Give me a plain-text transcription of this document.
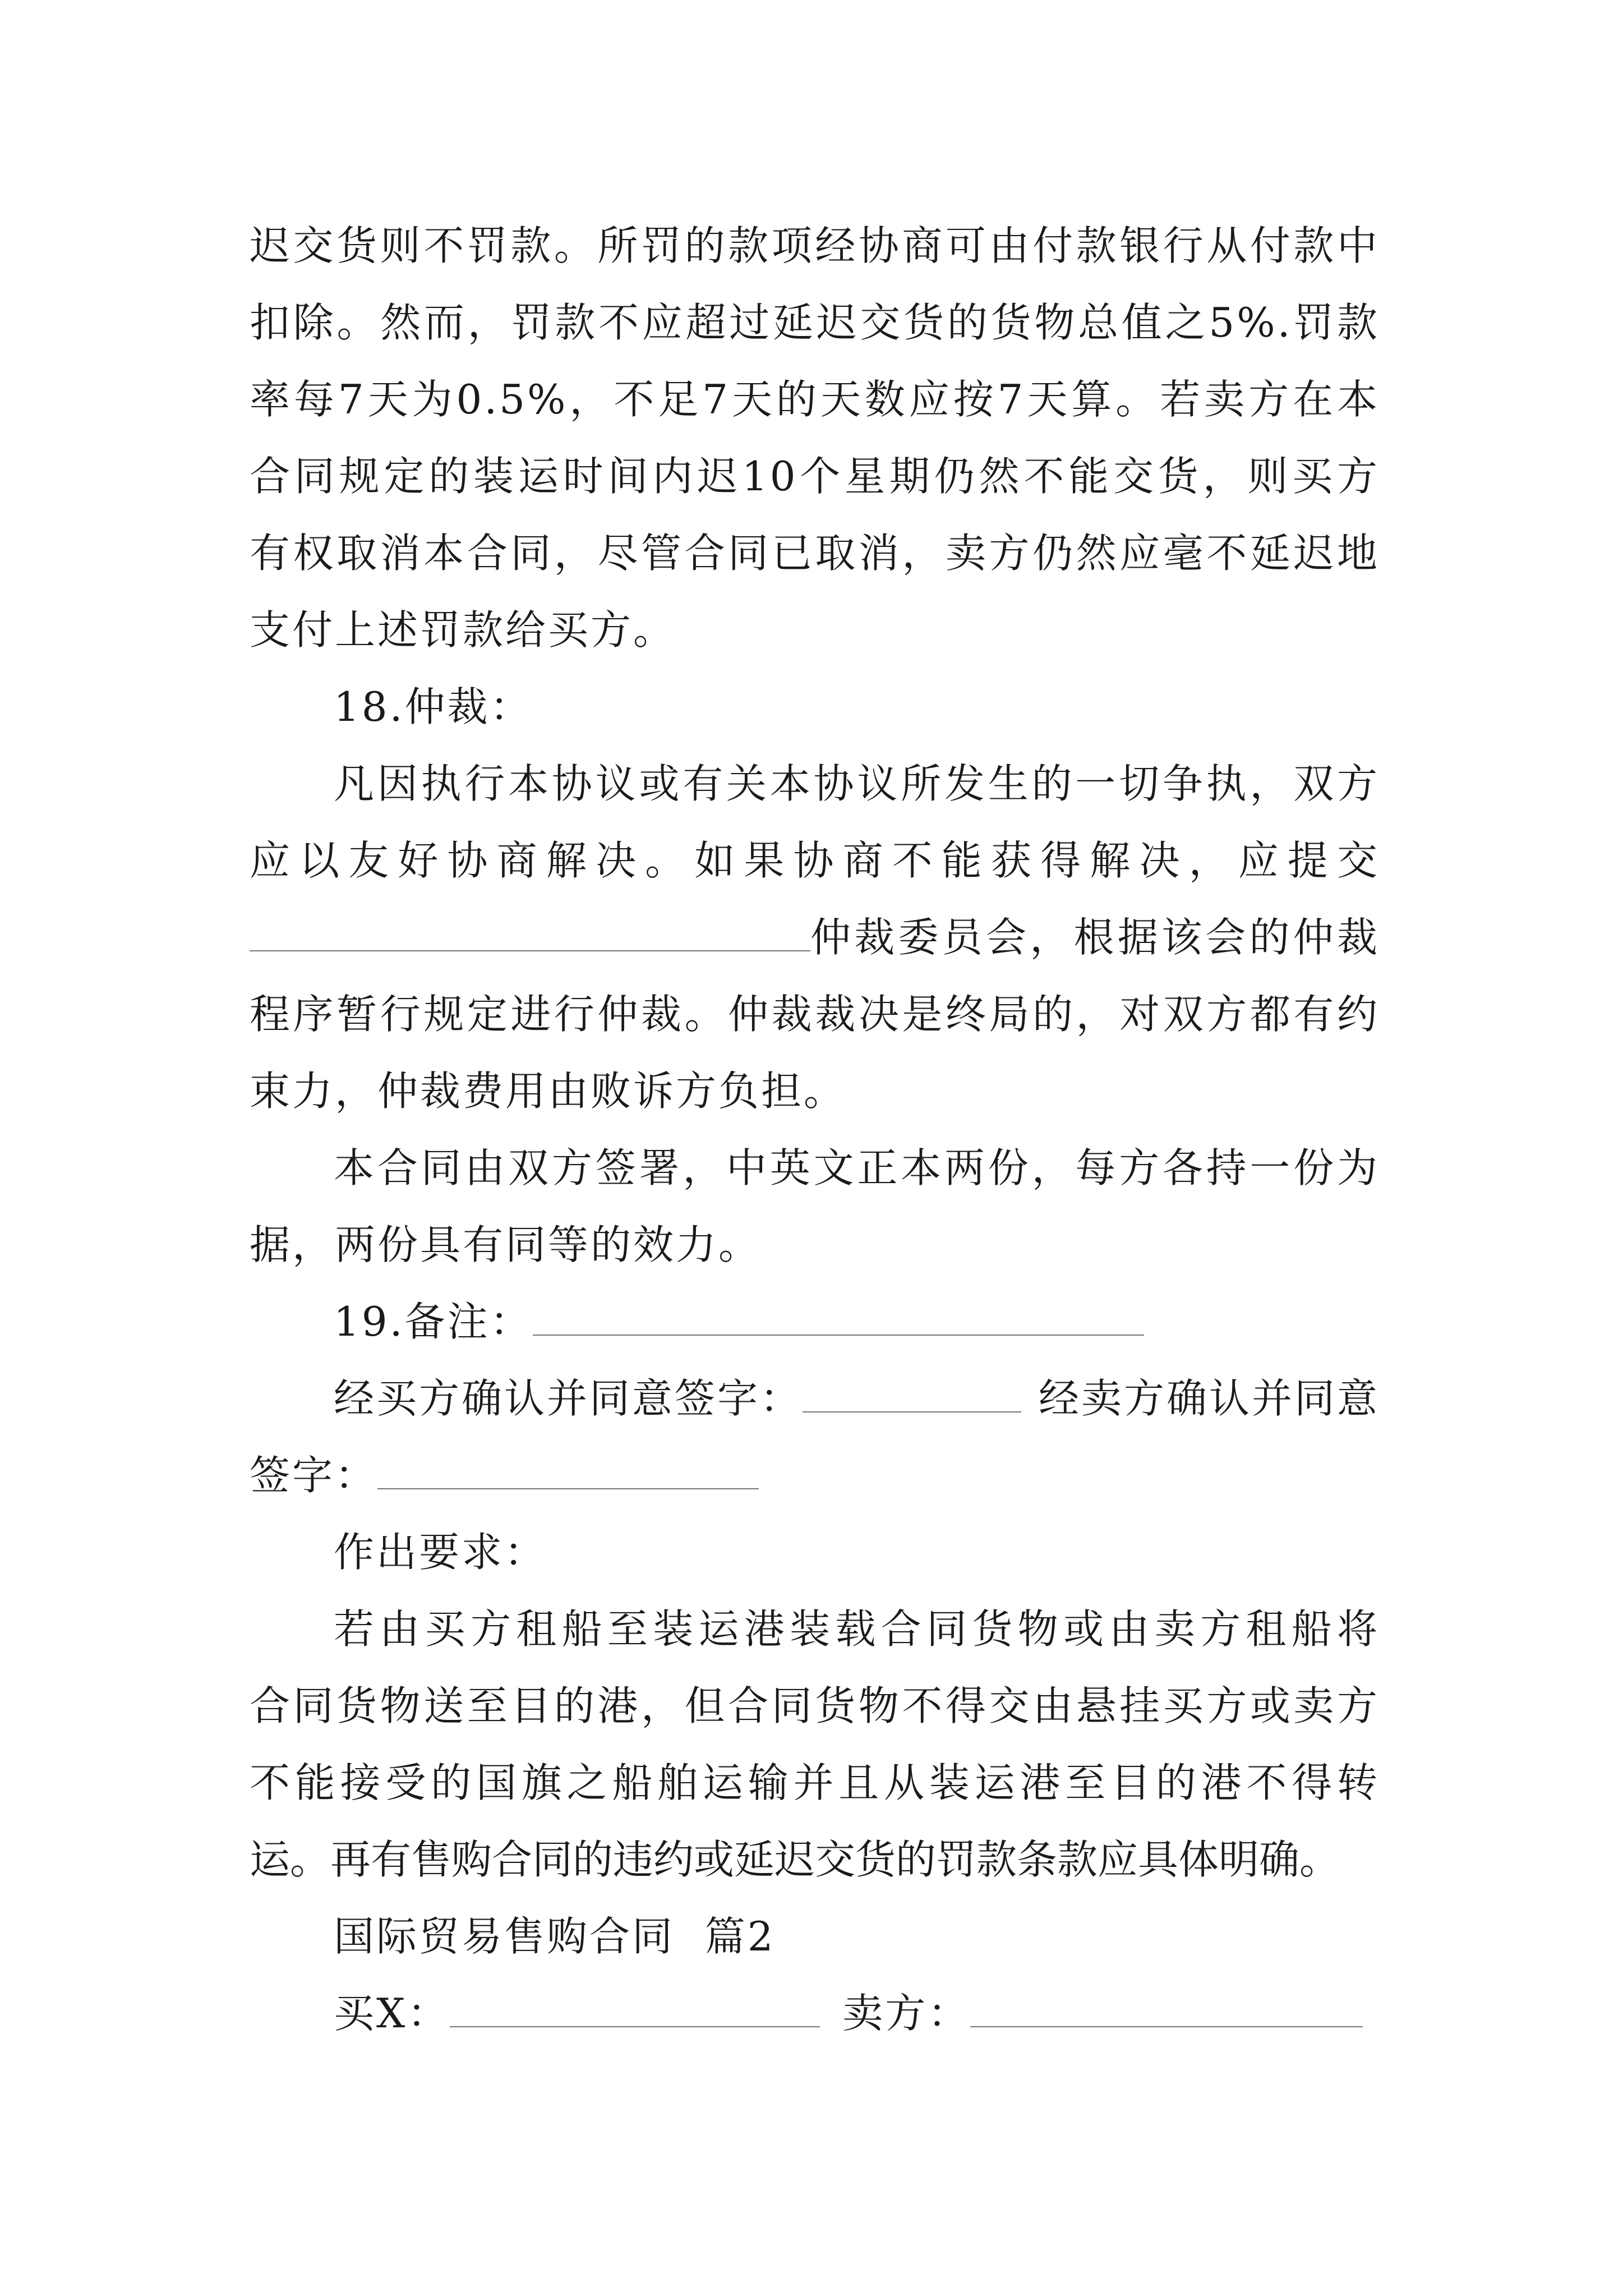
迟交货则不罚款。所罚的款项经协商可由付款银行从付款中
扣除。然而，罚款不应超过延迟交货的货物总值之5%.罚款
率每7天为0.5%，不足7天的天数应按7天算。若卖方在本
合同规定的装运时间内迟10个星期仍然不能交货，则买方
有权取消本合同，尽管合同已取消，卖方仍然应毫不延迟地
支付上述罚款给买方。
18.仲裁：
凡因执行本协议或有关本协议所发生的一切争执，双方
应以友好协商解决。如果协商不能获得解决，应提交
仲裁委员会，根据该会的仲裁
程序暂行规定进行仲裁。仲裁裁决是终局的，对双方都有约
束力，仲裁费用由败诉方负担。
本合同由双方签署，中英文正本两份，每方各持一份为
据，两份具有同等的效力。
19.备注：
经买方确认并同意签字：	经卖方确认并同意
签字：
作出要求：
若由买方租船至装运港装载合同货物或由卖方租船将
合同货物送至目的港，但合同货物不得交由悬挂买方或卖方
不能接受的国旗之船舶运输并且从装运港至目的港不得转
运。再有售购合同的违约或延迟交货的罚款条款应具体明确。
国际贸易售购合同  篇2
买X：	卖方：
